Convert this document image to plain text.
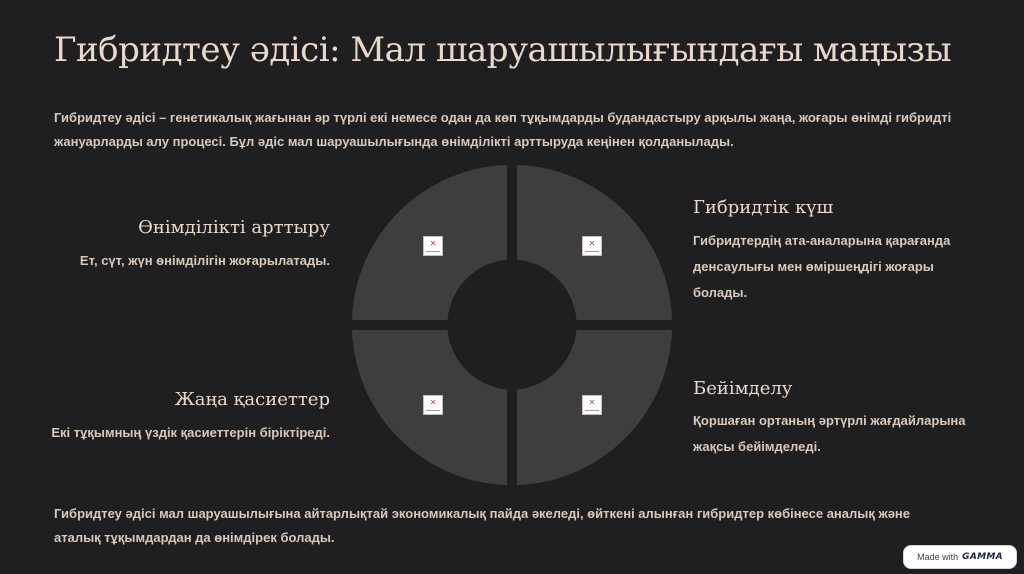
Гибридтеу әдісі: Мал шаруашылығындағы маңызы

Гибридтеу әдісі – генетикалық жағынан әр түрлі екі немесе одан да көп тұқымдарды будандастыру арқылы жаңа, жоғары өнімді гибридті жануарларды алу процесі. Бұл әдіс мал шаруашылығында өнімділікті арттыруда кеңінен қолданылады.

✕
✕
✕
✕
Өнімділікті арттыру

Ет, сүт, жүн өнімділігін жоғарылатады.

Гибридтік күш

Гибридтердің ата-аналарына қарағанда денсаулығы мен өміршеңдігі жоғары болады.

Жаңа қасиеттер

Екі тұқымның үздік қасиеттерін біріктіреді.

Бейімделу

Қоршаған ортаның әртүрлі жағдайларына жақсы бейімделеді.

Гибридтеу әдісі мал шаруашылығына айтарлықтай экономикалық пайда әкеледі, өйткені алынған гибридтер көбінесе аналық және аталық тұқымдардан да өнімдірек болады.

Made with GAMMA
